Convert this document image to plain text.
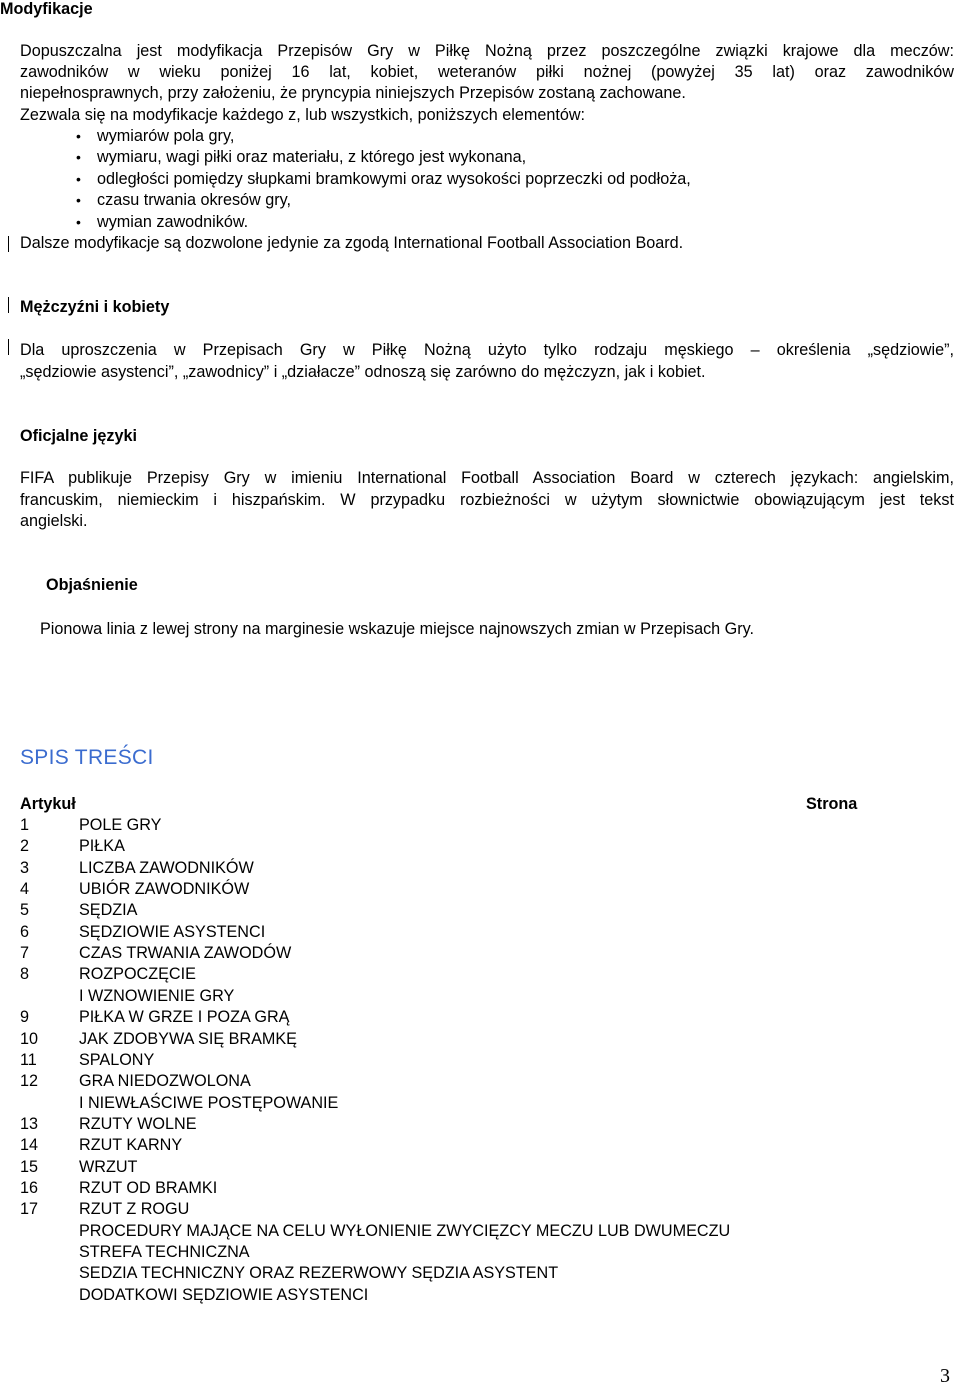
Modyfikacje
Dopuszczalna jest modyfikacja Przepisów Gry w Piłkę Nożną przez poszczególne związki krajowe dla meczów:
zawodników w wieku poniżej 16 lat, kobiet, weteranów piłki nożnej (powyżej 35 lat) oraz zawodników
niepełnosprawnych, przy założeniu, że pryncypia niniejszych Przepisów zostaną zachowane.
Zezwala się na modyfikacje każdego z, lub wszystkich, poniższych elementów:
• wymiarów pola gry,
• wymiaru, wagi piłki oraz materiału, z którego jest wykonana,
• odległości pomiędzy słupkami bramkowymi oraz wysokości poprzeczki od podłoża,
• czasu trwania okresów gry,
• wymian zawodników.
Dalsze modyfikacje są dozwolone jedynie za zgodą International Football Association Board.
Mężczyźni i kobiety
Dla uproszczenia w Przepisach Gry w Piłkę Nożną użyto tylko rodzaju męskiego – określenia „sędziowie”,
„sędziowie asystenci”, „zawodnicy” i „działacze” odnoszą się zarówno do mężczyzn, jak i kobiet.
Oficjalne języki
FIFA publikuje Przepisy Gry w imieniu International Football Association Board w czterech językach: angielskim,
francuskim, niemieckim i hiszpańskim. W przypadku rozbieżności w użytym słownictwie obowiązującym jest tekst
angielski.
Objaśnienie
Pionowa linia z lewej strony na marginesie wskazuje miejsce najnowszych zmian w Przepisach Gry.
SPIS TREŚCI
Artykuł	Strona
1	POLE GRY
2	PIŁKA
3	LICZBA ZAWODNIKÓW
4	UBIÓR ZAWODNIKÓW
5	SĘDZIA
6	SĘDZIOWIE ASYSTENCI
7	CZAS TRWANIA ZAWODÓW
8	ROZPOCZĘCIE
I WZNOWIENIE GRY
9	PIŁKA W GRZE I POZA GRĄ
10	JAK ZDOBYWA SIĘ BRAMKĘ
11	SPALONY
12	GRA NIEDOZWOLONA
I NIEWŁAŚCIWE POSTĘPOWANIE
13	RZUTY WOLNE
14	RZUT KARNY
15	WRZUT
16	RZUT OD BRAMKI
17	RZUT Z ROGU
PROCEDURY MAJĄCE NA CELU WYŁONIENIE ZWYCIĘZCY MECZU LUB DWUMECZU
STREFA TECHNICZNA
SEDZIA TECHNICZNY ORAZ REZERWOWY SĘDZIA ASYSTENT
DODATKOWI SĘDZIOWIE ASYSTENCI
3
